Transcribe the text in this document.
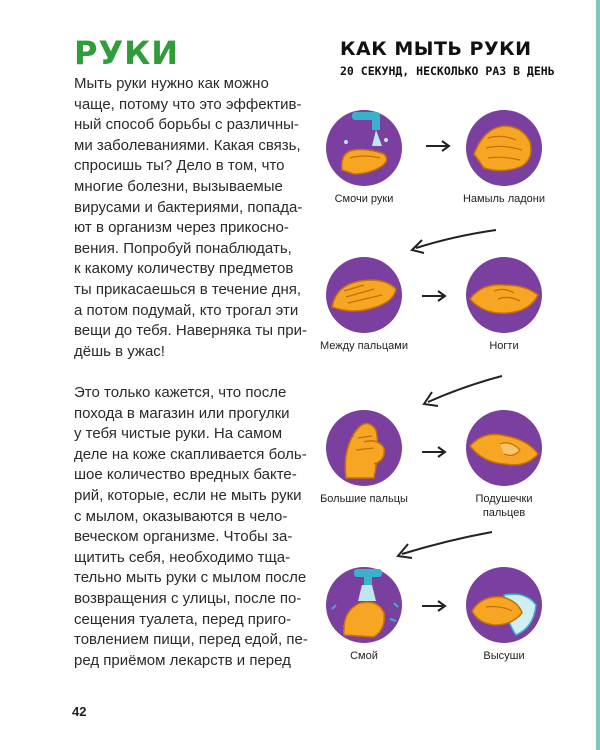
РУКИ
Мыть руки нужно как можно
чаще, потому что это эффектив-
ный способ борьбы с различны-
ми заболеваниями. Какая связь,
спросишь ты? Дело в том, что
многие болезни, вызываемые
вирусами и бактериями, попада-
ют в организм через прикосно-
вения. Попробуй понаблюдать,
к какому количеству предметов
ты прикасаешься в течение дня,
а потом подумай, кто трогал эти
вещи до тебя. Наверняка ты при-
дёшь в ужас!
Это только кажется, что после
похода в магазин или прогулки
у тебя чистые руки. На самом
деле на коже скапливается боль-
шое количество вредных бакте-
рий, которые, если не мыть руки
с мылом, оказываются в чело-
веческом организме. Чтобы за-
щитить себя, необходимо тща-
тельно мыть руки с мылом после
возвращения с улицы, после по-
сещения туалета, перед приго-
товлением пищи, перед едой, пе-
ред приёмом лекарств и перед
42
КАК МЫТЬ РУКИ
20 СЕКУНД, НЕСКОЛЬКО РАЗ В ДЕНЬ
Смочи руки	Намыль ладони
Между пальцами	Ногти
Большие пальцы	Подушечки пальцев
Смой	Высуши
